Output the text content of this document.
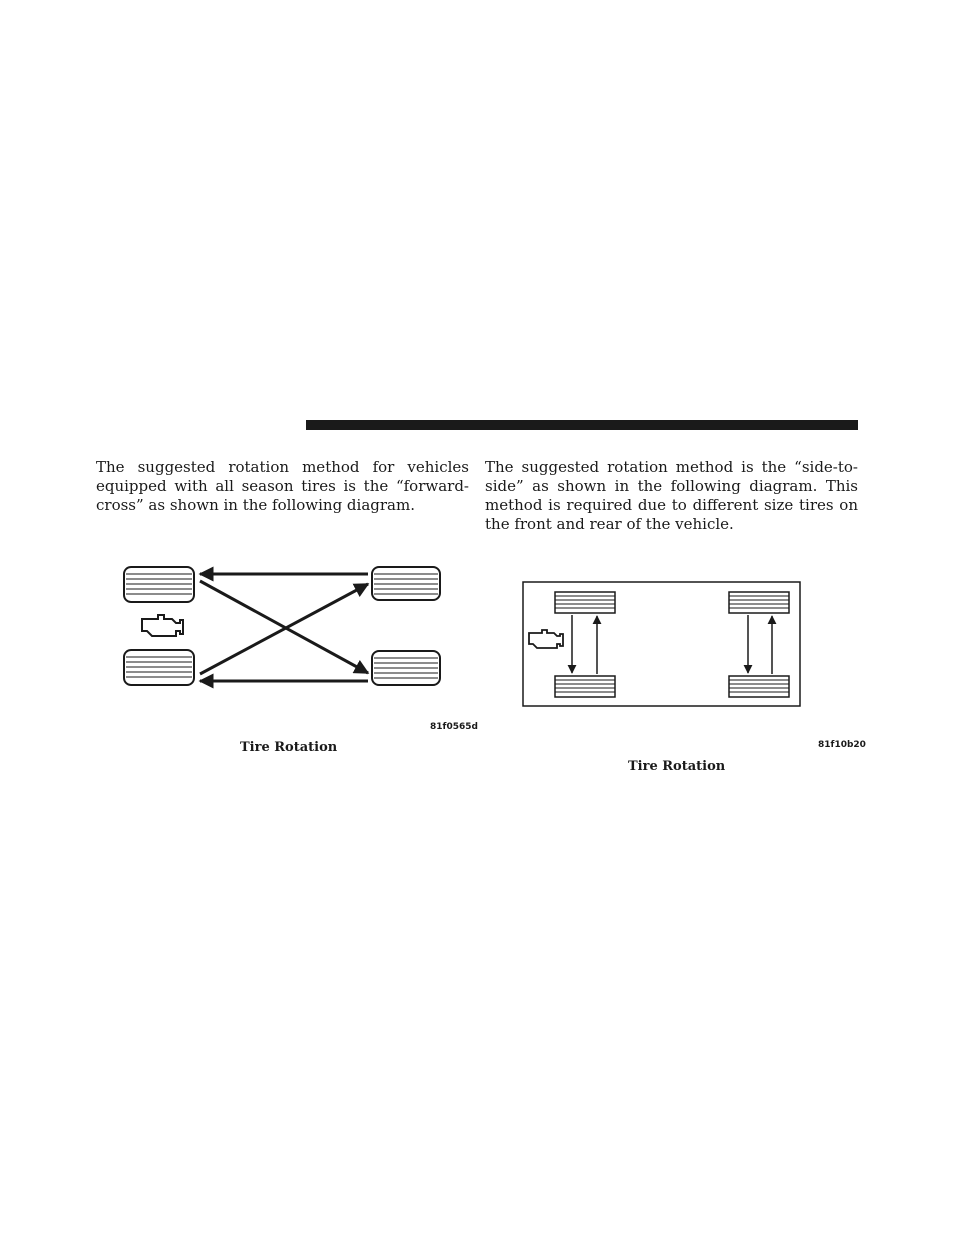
The suggested rotation method for vehicles equipped with all season tires is the “forward-cross” as shown in the following diagram.

The suggested rotation method is the “side-to-side” as shown in the following diagram. This method is required due to different size tires on the front and rear of the vehicle.

81f0565d
Tire Rotation	81f10b20
Tire Rotation
